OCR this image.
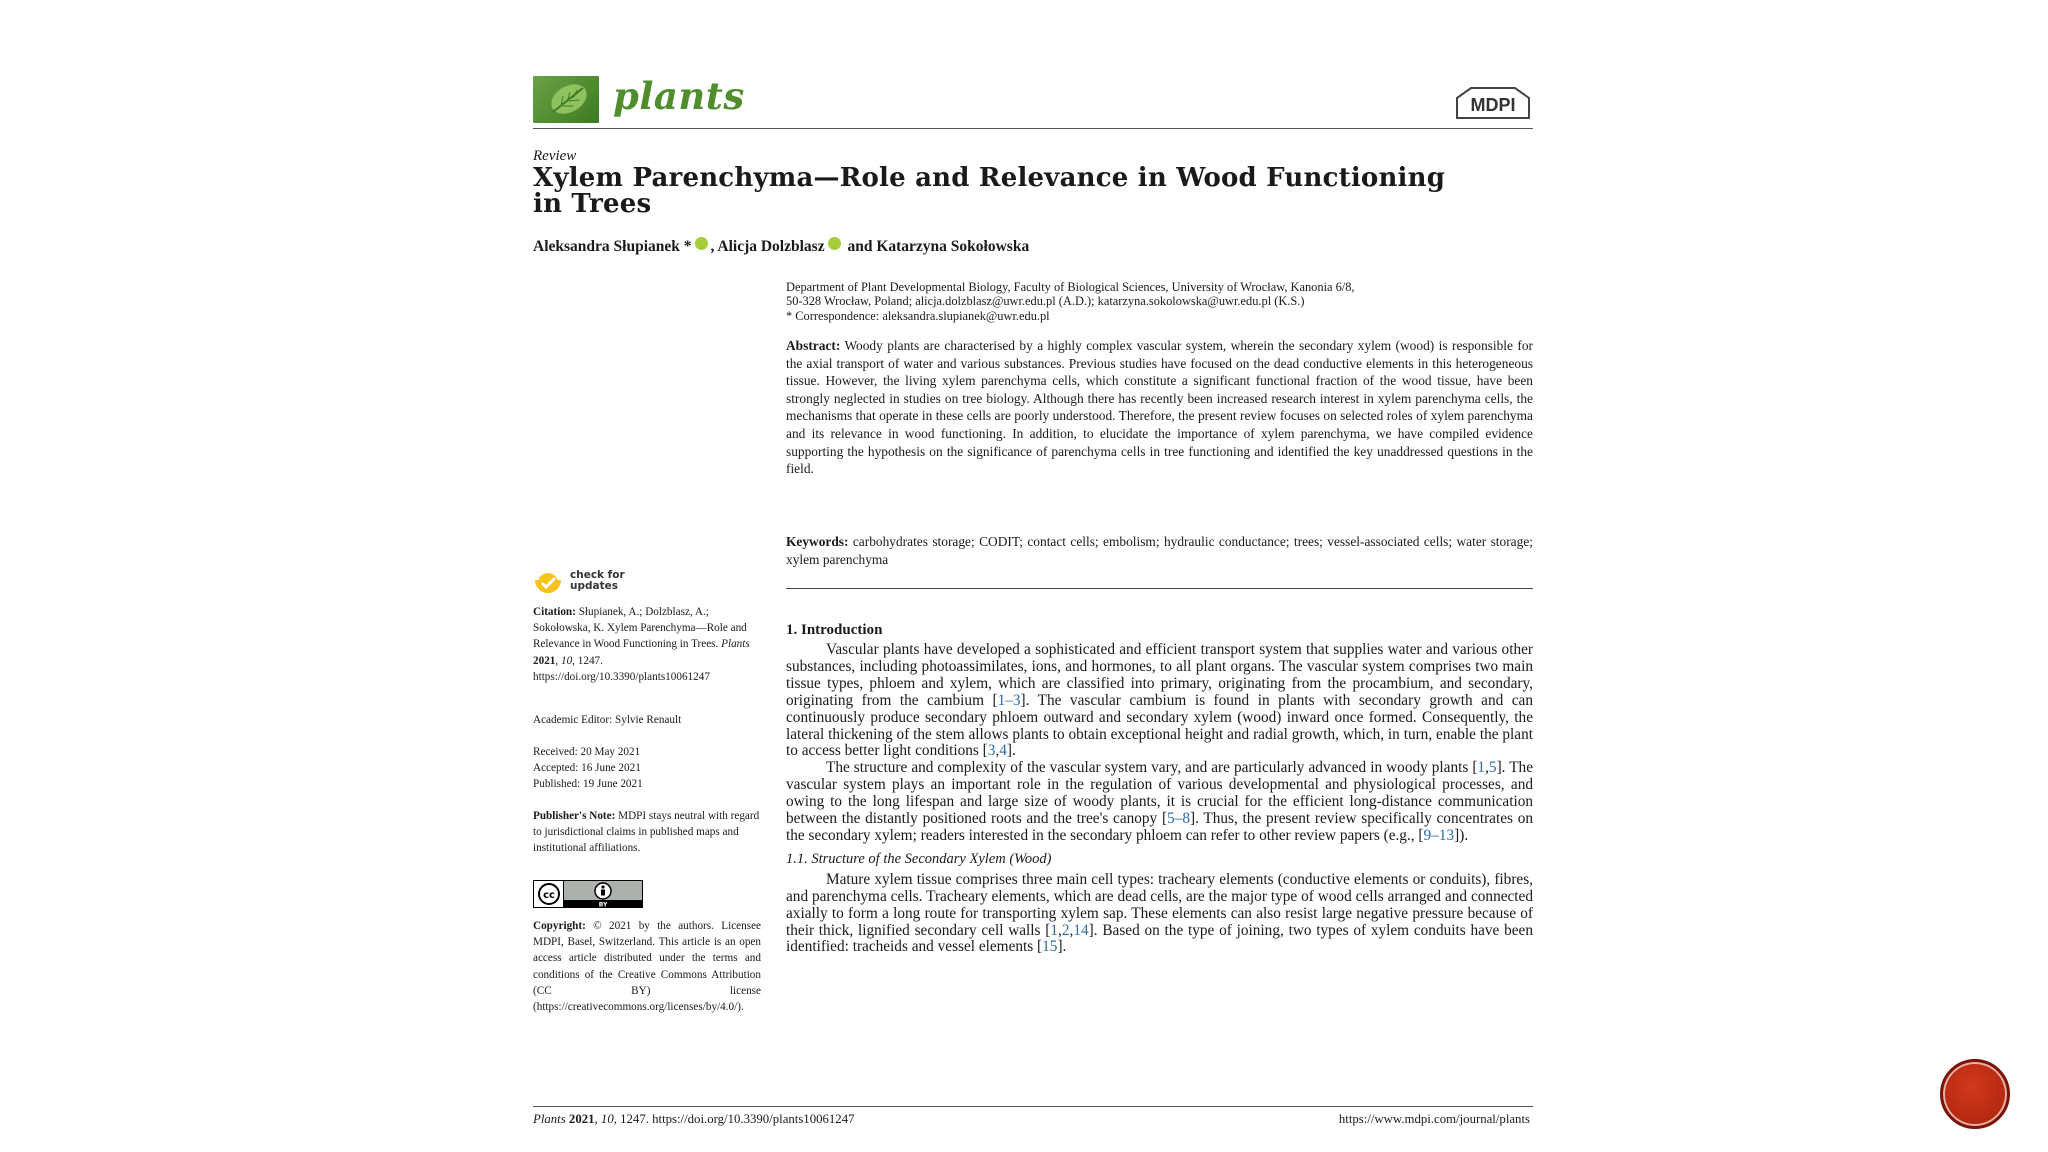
plants	MDPI
Review
Xylem Parenchyma—Role and Relevance in Wood Functioning
in Trees
Aleksandra Słupianek * , Alicja Dolzblasz and Katarzyna Sokołowska
check for
updates
Citation: Słupianek, A.; Dolzblasz, A.; Sokołowska, K. Xylem Parenchyma—Role and Relevance in Wood Functioning in Trees. Plants 2021, 10, 1247. https://doi.org/10.3390/plants10061247
Academic Editor: Sylvie Renault
Received: 20 May 2021
Accepted: 16 June 2021
Published: 19 June 2021
Publisher's Note: MDPI stays neutral with regard to jurisdictional claims in published maps and institutional affiliations.
cc
BY
Copyright: © 2021 by the authors. Licensee MDPI, Basel, Switzerland. This article is an open access article distributed under the terms and conditions of the Creative Commons Attribution (CC BY) license (https://creativecommons.org/licenses/by/4.0/).
Department of Plant Developmental Biology, Faculty of Biological Sciences, University of Wrocław, Kanonia 6/8,
50-328 Wrocław, Poland; alicja.dolzblasz@uwr.edu.pl (A.D.); katarzyna.sokolowska@uwr.edu.pl (K.S.)
* Correspondence: aleksandra.slupianek@uwr.edu.pl

Abstract: Woody plants are characterised by a highly complex vascular system, wherein the secondary xylem (wood) is responsible for the axial transport of water and various substances. Previous studies have focused on the dead conductive elements in this heterogeneous tissue. However, the living xylem parenchyma cells, which constitute a significant functional fraction of the wood tissue, have been strongly neglected in studies on tree biology. Although there has recently been increased research interest in xylem parenchyma cells, the mechanisms that operate in these cells are poorly understood. Therefore, the present review focuses on selected roles of xylem parenchyma and its relevance in wood functioning. In addition, to elucidate the importance of xylem parenchyma, we have compiled evidence supporting the hypothesis on the significance of parenchyma cells in tree functioning and identified the key unaddressed questions in the field.

Keywords: carbohydrates storage; CODIT; contact cells; embolism; hydraulic conductance; trees; vessel-associated cells; water storage; xylem parenchyma

1. Introduction

Vascular plants have developed a sophisticated and efficient transport system that supplies water and various other substances, including photoassimilates, ions, and hormones, to all plant organs. The vascular system comprises two main tissue types, phloem and xylem, which are classified into primary, originating from the procambium, and secondary, originating from the cambium [1–3]. The vascular cambium is found in plants with secondary growth and can continuously produce secondary phloem outward and secondary xylem (wood) inward once formed. Consequently, the lateral thickening of the stem allows plants to obtain exceptional height and radial growth, which, in turn, enable the plant to access better light conditions [3,4].

The structure and complexity of the vascular system vary, and are particularly advanced in woody plants [1,5]. The vascular system plays an important role in the regulation of various developmental and physiological processes, and owing to the long lifespan and large size of woody plants, it is crucial for the efficient long-distance communication between the distantly positioned roots and the tree's canopy [5–8]. Thus, the present review specifically concentrates on the secondary xylem; readers interested in the secondary phloem can refer to other review papers (e.g., [9–13]).

1.1. Structure of the Secondary Xylem (Wood)

Mature xylem tissue comprises three main cell types: tracheary elements (conductive elements or conduits), fibres, and parenchyma cells. Tracheary elements, which are dead cells, are the major type of wood cells arranged and connected axially to form a long route for transporting xylem sap. These elements can also resist large negative pressure because of their thick, lignified secondary cell walls [1,2,14]. Based on the type of joining, two types of xylem conduits have been identified: tracheids and vessel elements [15].

Plants 2021, 10, 1247. https://doi.org/10.3390/plants10061247	https://www.mdpi.com/journal/plants
